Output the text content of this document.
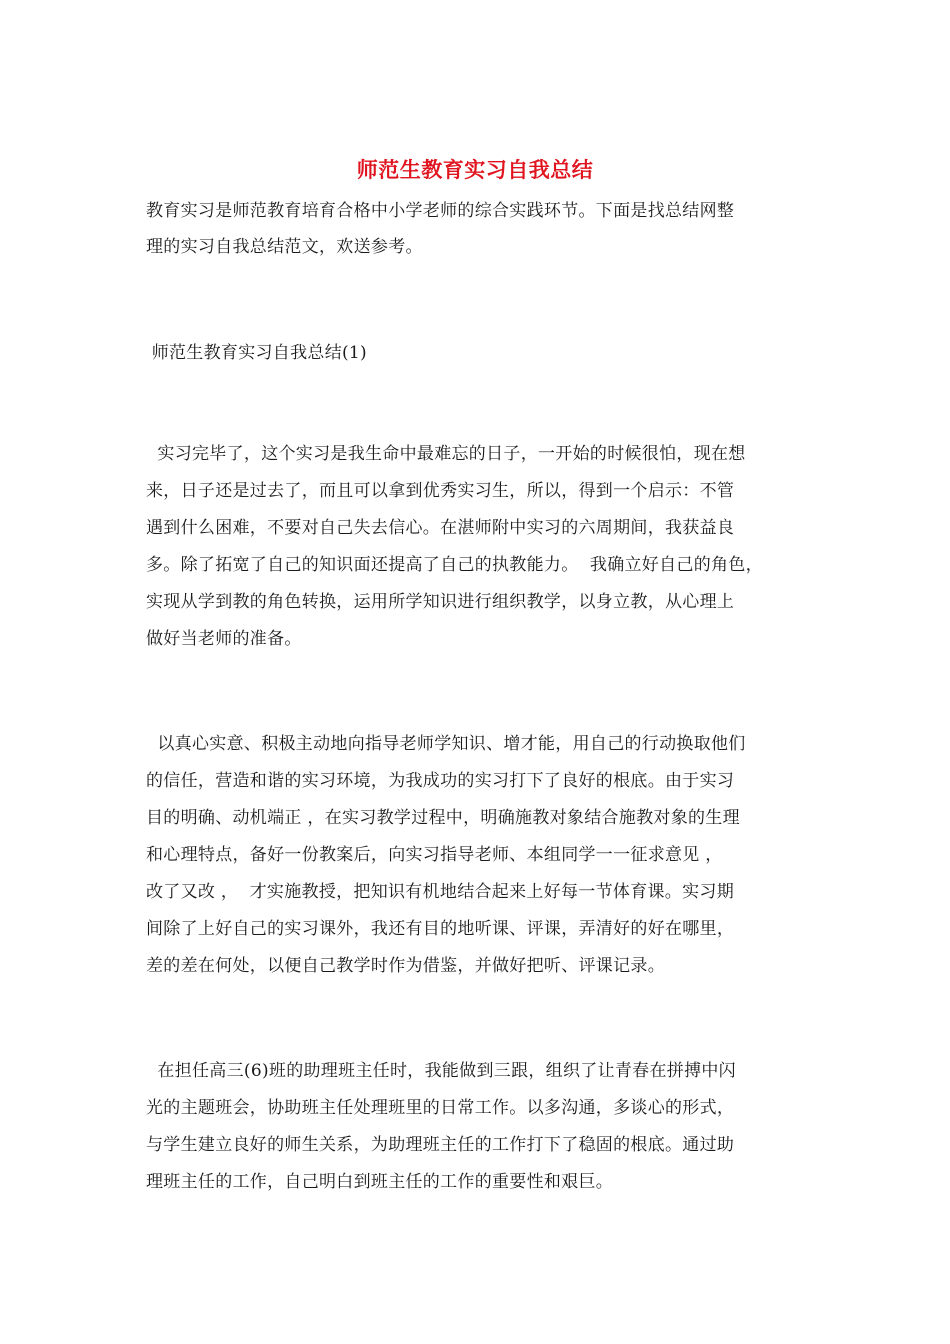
师范生教育实习自我总结
教育实习是师范教育培育合格中小学老师的综合实践环节。下面是找总结网整
理的实习自我总结范文，欢送参考。
师范生教育实习自我总结(1)
实习完毕了，这个实习是我生命中最难忘的日子，一开始的时候很怕，现在想
来，日子还是过去了，而且可以拿到优秀实习生，所以，得到一个启示：不管
遇到什么困难，不要对自己失去信心。在湛师附中实习的六周期间，我获益良
多。除了拓宽了自己的知识面还提高了自己的执教能力。  我确立好自己的角色，
实现从学到教的角色转换，运用所学知识进行组织教学，以身立教，从心理上
做好当老师的准备。
以真心实意、积极主动地向指导老师学知识、增才能，用自己的行动换取他们
的信任，营造和谐的实习环境，为我成功的实习打下了良好的根底。由于实习
目的明确、动机端正 ，在实习教学过程中，明确施教对象结合施教对象的生理
和心理特点，备好一份教案后，向实习指导老师、本组同学一一征求意见 ，
改了又改 ，  才实施教授，把知识有机地结合起来上好每一节体育课。实习期
间除了上好自己的实习课外，我还有目的地听课、评课，弄清好的好在哪里，
差的差在何处，以便自己教学时作为借鉴，并做好把听、评课记录。
在担任高三(6)班的助理班主任时，我能做到三跟，组织了让青春在拼搏中闪
光的主题班会，协助班主任处理班里的日常工作。以多沟通，多谈心的形式，
与学生建立良好的师生关系，为助理班主任的工作打下了稳固的根底。通过助
理班主任的工作，自己明白到班主任的工作的重要性和艰巨。
